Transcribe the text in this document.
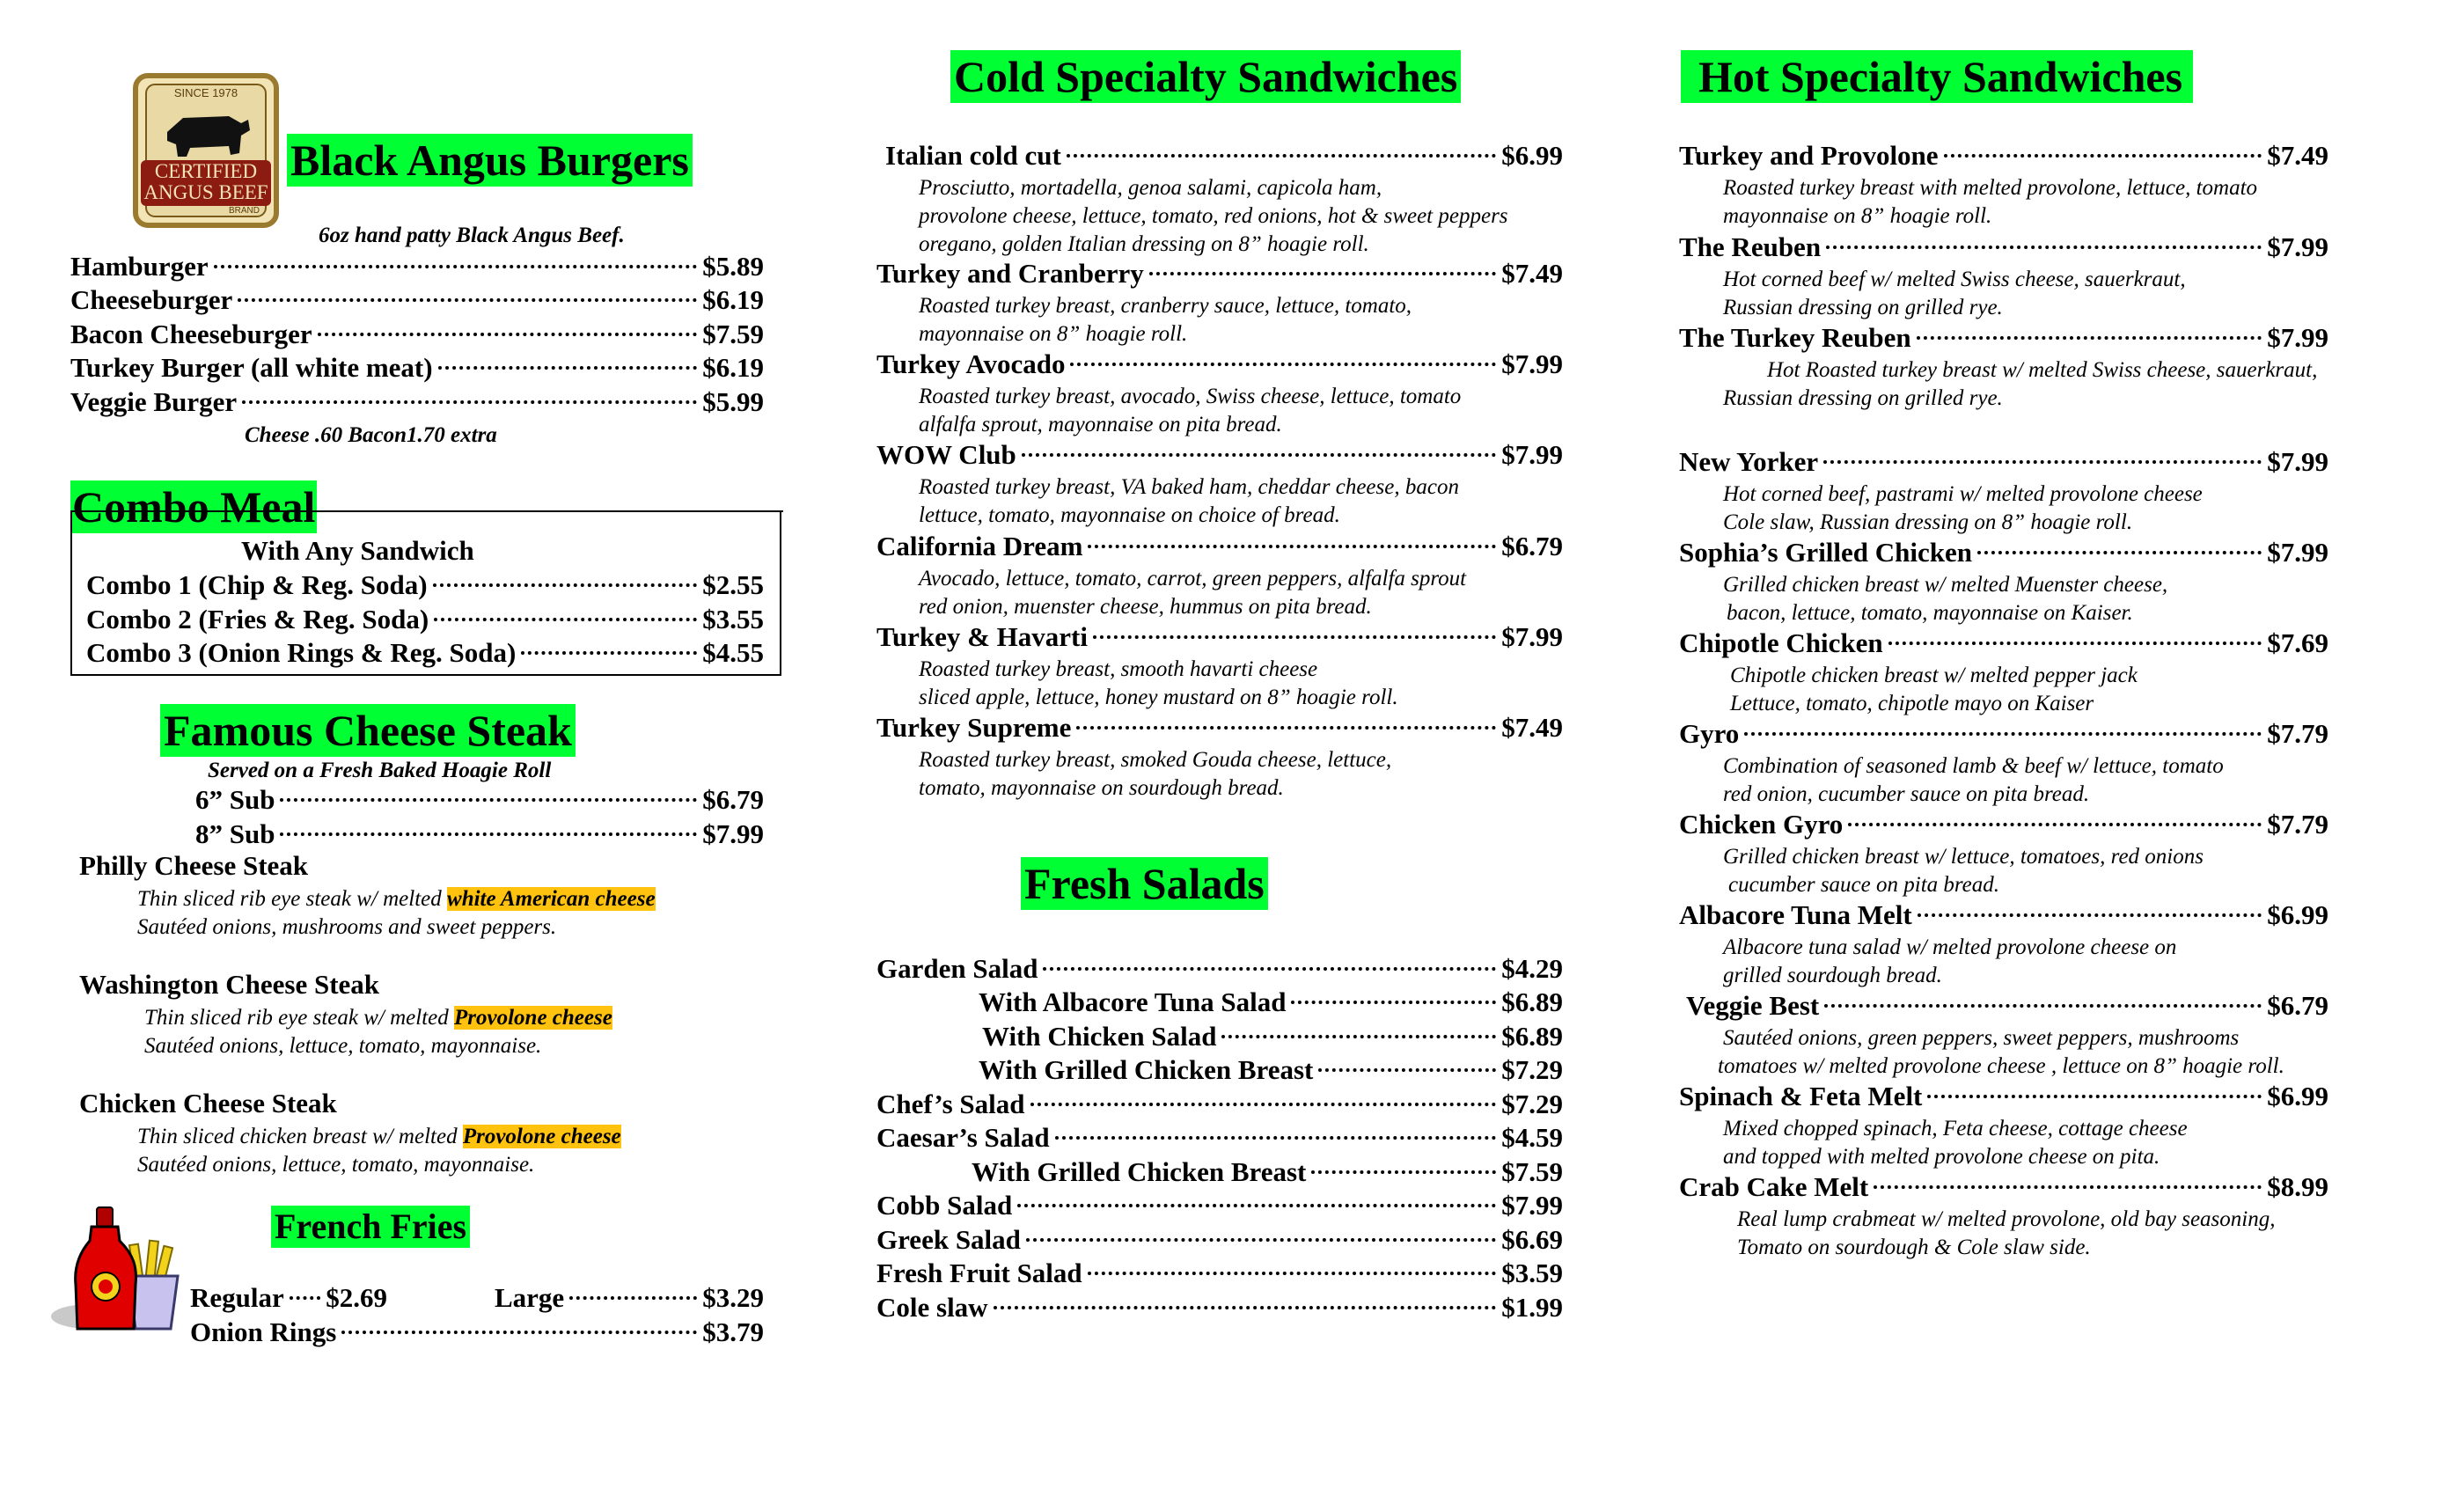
SINCE 1978
CERTIFIED
ANGUS BEEF
BRAND
Black Angus Burgers
6oz hand patty Black Angus Beef.
Cheese .60 Bacon1.70 extra
Combo Meal
With Any Sandwich
Famous Cheese Steak
Served on a Fresh Baked Hoagie Roll
French Fries
Regular $2.69	Large	$3.29
Onion Rings	$3.79
Cold Specialty Sandwiches
Fresh Salads
Hot Specialty Sandwiches
Hamburger	$5.89
Cheeseburger	$6.19
Bacon Cheeseburger	$7.59
Turkey Burger (all white meat)	$6.19
Veggie Burger	$5.99
Combo 1 (Chip & Reg. Soda)	$2.55
Combo 2 (Fries & Reg. Soda)	$3.55
Combo 3 (Onion Rings & Reg. Soda)	$4.55
6” Sub	$6.79
8” Sub	$7.99
Philly Cheese Steak
Thin sliced rib eye steak w/ melted white American cheese
Sautéed onions, mushrooms and sweet peppers.
Washington Cheese Steak
Thin sliced rib eye steak w/ melted Provolone cheese
Sautéed onions, lettuce, tomato, mayonnaise.
Chicken Cheese Steak
Thin sliced chicken breast w/ melted Provolone cheese
Sautéed onions, lettuce, tomato, mayonnaise.
Italian cold cut	$6.99
Prosciutto, mortadella, genoa salami, capicola ham,
provolone cheese, lettuce, tomato, red onions, hot & sweet peppers
oregano, golden Italian dressing on 8” hoagie roll.
Turkey and Cranberry	$7.49
Roasted turkey breast, cranberry sauce, lettuce, tomato,
mayonnaise on 8” hoagie roll.
Turkey Avocado	$7.99
Roasted turkey breast, avocado, Swiss cheese, lettuce, tomato
alfalfa sprout, mayonnaise on pita bread.
WOW Club	$7.99
Roasted turkey breast, VA baked ham, cheddar cheese, bacon
lettuce, tomato, mayonnaise on choice of bread.
California Dream	$6.79
Avocado, lettuce, tomato, carrot, green peppers, alfalfa sprout
red onion, muenster cheese, hummus on pita bread.
Turkey & Havarti	$7.99
Roasted turkey breast, smooth havarti cheese
sliced apple, lettuce, honey mustard on 8” hoagie roll.
Turkey Supreme	$7.49
Roasted turkey breast, smoked Gouda cheese, lettuce,
tomato, mayonnaise on sourdough bread.
Garden Salad	$4.29
With Albacore Tuna Salad	$6.89
With Chicken Salad	$6.89
With Grilled Chicken Breast	$7.29
Chef’s Salad	$7.29
Caesar’s Salad	$4.59
With Grilled Chicken Breast	$7.59
Cobb Salad	$7.99
Greek Salad	$6.69
Fresh Fruit Salad	$3.59
Cole slaw	$1.99
Turkey and Provolone	$7.49
Roasted turkey breast with melted provolone, lettuce, tomato
mayonnaise on 8” hoagie roll.
The Reuben	$7.99
Hot corned beef w/ melted Swiss cheese, sauerkraut,
Russian dressing on grilled rye.
The Turkey Reuben	$7.99
Hot Roasted turkey breast w/ melted Swiss cheese, sauerkraut,
Russian dressing on grilled rye.
New Yorker	$7.99
Hot corned beef, pastrami w/ melted provolone cheese
Cole slaw, Russian dressing on 8” hoagie roll.
Sophia’s Grilled Chicken	$7.99
Grilled chicken breast w/ melted Muenster cheese,
bacon, lettuce, tomato, mayonnaise on Kaiser.
Chipotle Chicken	$7.69
Chipotle chicken breast w/ melted pepper jack
Lettuce, tomato, chipotle mayo on Kaiser
Gyro	$7.79
Combination of seasoned lamb & beef w/ lettuce, tomato
red onion, cucumber sauce on pita bread.
Chicken Gyro	$7.79
Grilled chicken breast w/ lettuce, tomatoes, red onions
cucumber sauce on pita bread.
Albacore Tuna Melt	$6.99
Albacore tuna salad w/ melted provolone cheese on
grilled sourdough bread.
Veggie Best	$6.79
Sautéed onions, green peppers, sweet peppers, mushrooms
tomatoes w/ melted provolone cheese , lettuce on 8” hoagie roll.
Spinach & Feta Melt	$6.99
Mixed chopped spinach, Feta cheese, cottage cheese
and topped with melted provolone cheese on pita.
Crab Cake Melt	$8.99
Real lump crabmeat w/ melted provolone, old bay seasoning,
Tomato on sourdough & Cole slaw side.
